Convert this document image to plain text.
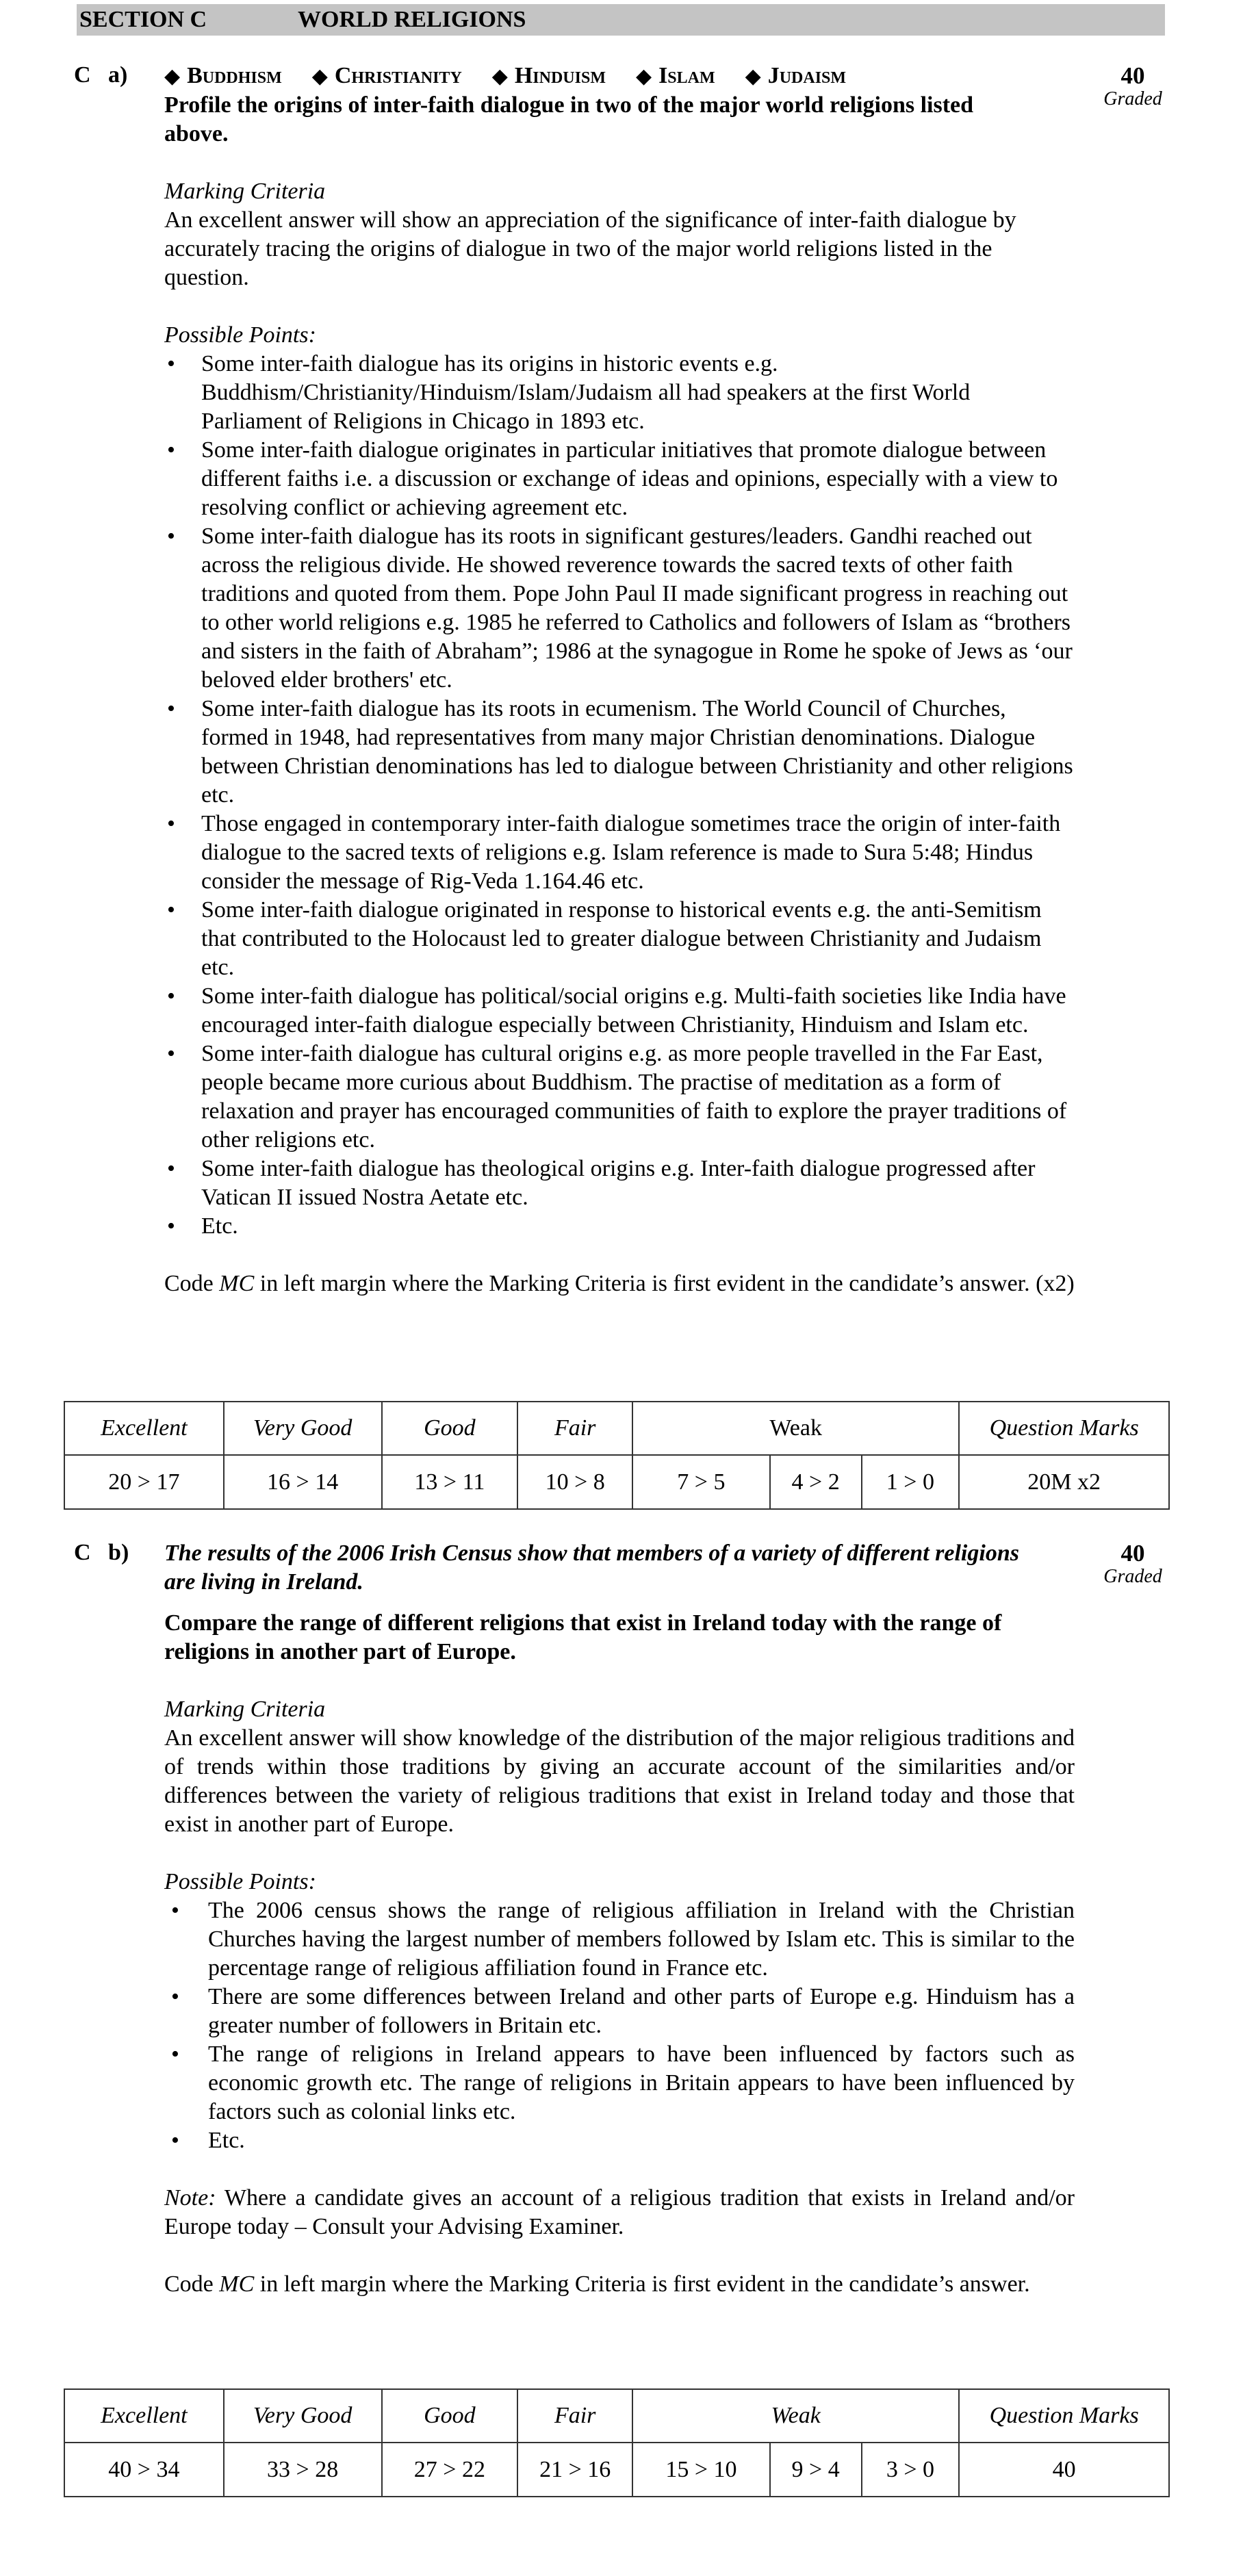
SECTION C	WORLD RELIGIONS
C   a)	40
Graded
◆ Buddhism ◆ Christianity ◆ Hinduism ◆ Islam ◆ Judaism

Profile the origins of inter-faith dialogue in two of the major world religions listed above.

Marking Criteria

An excellent answer will show an appreciation of the significance of inter-faith dialogue by accurately tracing the origins of dialogue in two of the major world religions listed in the question.

Possible Points:

• Some inter-faith dialogue has its origins in historic events e.g. Buddhism/Christianity/Hinduism/Islam/Judaism all had speakers at the first World Parliament of Religions in Chicago in 1893 etc.
• Some inter-faith dialogue originates in particular initiatives that promote dialogue between different faiths i.e. a discussion or exchange of ideas and opinions, especially with a view to resolving conflict or achieving agreement etc.
• Some inter-faith dialogue has its roots in significant gestures/leaders. Gandhi reached out across the religious divide. He showed reverence towards the sacred texts of other faith traditions and quoted from them. Pope John Paul II made significant progress in reaching out to other world religions e.g. 1985 he referred to Catholics and followers of Islam as “brothers and sisters in the faith of Abraham”; 1986 at the synagogue in Rome he spoke of Jews as ‘our beloved elder brothers' etc.
• Some inter-faith dialogue has its roots in ecumenism. The World Council of Churches, formed in 1948, had representatives from many major Christian denominations. Dialogue between Christian denominations has led to dialogue between Christianity and other religions etc.
• Those engaged in contemporary inter-faith dialogue sometimes trace the origin of inter-faith dialogue to the sacred texts of religions e.g. Islam reference is made to Sura 5:48; Hindus consider the message of Rig-Veda 1.164.46 etc.
• Some inter-faith dialogue originated in response to historical events e.g. the anti-Semitism that contributed to the Holocaust led to greater dialogue between Christianity and Judaism etc.
• Some inter-faith dialogue has political/social origins e.g. Multi-faith societies like India have encouraged inter-faith dialogue especially between Christianity, Hinduism and Islam etc.
• Some inter-faith dialogue has cultural origins e.g. as more people travelled in the Far East, people became more curious about Buddhism. The practise of meditation as a form of relaxation and prayer has encouraged communities of faith to explore the prayer traditions of other religions etc.
• Some inter-faith dialogue has theological origins e.g. Inter-faith dialogue progressed after Vatican II issued Nostra Aetate etc.
• Etc.

Code MC in left margin where the Marking Criteria is first evident in the candidate’s answer. (x2)

Excellent	Very Good	Good	Fair	Weak			Question Marks
20 > 17	16 > 14	13 > 11	10 > 8	7 > 5	4 > 2	1 > 0	20M x2
C   b)	40
Graded

The results of the 2006 Irish Census show that members of a variety of different religions are living in Ireland.

Compare the range of different religions that exist in Ireland today with the range of religions in another part of Europe.

Marking Criteria

An excellent answer will show knowledge of the distribution of the major religious traditions and of trends within those traditions by giving an accurate account of the similarities and/or differences between the variety of religious traditions that exist in Ireland today and those that exist in another part of Europe.

Possible Points:

• The 2006 census shows the range of religious affiliation in Ireland with the Christian Churches having the largest number of members followed by Islam etc. This is similar to the percentage range of religious affiliation found in France etc.
• There are some differences between Ireland and other parts of Europe e.g. Hinduism has a greater number of followers in Britain etc.
• The range of religions in Ireland appears to have been influenced by factors such as economic growth etc. The range of religions in Britain appears to have been influenced by factors such as colonial links etc.
• Etc.

Note: Where a candidate gives an account of a religious tradition that exists in Ireland and/or Europe today – Consult your Advising Examiner.

Code MC in left margin where the Marking Criteria is first evident in the candidate’s answer.

Excellent	Very Good	Good	Fair	Weak			Question Marks
40 > 34	33 > 28	27 > 22	21 > 16	15 > 10	9 > 4	3 > 0	40
